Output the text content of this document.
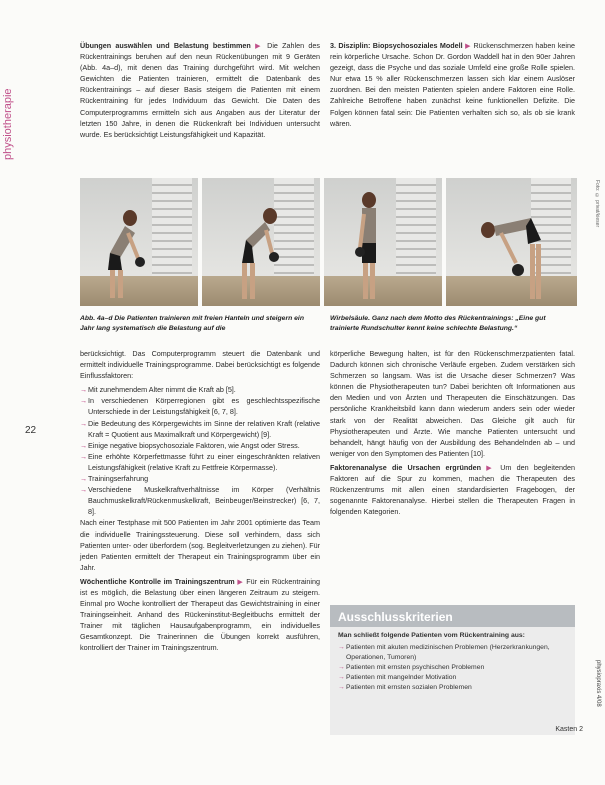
physiotherapie
22

Übungen auswählen und Belastung bestimmen ▶ Die Zahlen des Rückentrainings beruhen auf den neun Rückenübungen mit 9 Geräten (Abb. 4a–d), mit denen das Training durchgeführt wird. Mit welchen Gewichten die Patienten trainieren, ermittelt die Datenbank des Rückentrainings – auf dieser Basis steigern die Patienten mit einem Rückentraining für jedes Individuum das Gewicht. Die Daten des Computerprogramms ermitteln sich aus Angaben aus der Literatur der letzten 150 Jahre, in denen die Rückenkraft bei Individuen untersucht wurde. Es berücksichtigt Leistungsfähigkeit und Kapazität.

3. Disziplin: Biopsychosoziales Modell ▶ Rückenschmerzen haben keine rein körperliche Ursache. Schon Dr. Gordon Waddell hat in den 90er Jahren gezeigt, dass die Psyche und das soziale Umfeld eine große Rolle spielen. Nur etwa 15 % aller Rückenschmerzen lassen sich klar einem Auslöser zuordnen. Bei den meisten Patienten spielen andere Faktoren eine Rolle. Zahlreiche Betroffene haben zunächst keine funktionellen Defizite. Die Folgen können fatal sein: Die Patienten verhalten sich so, als ob sie krank wären.

Foto: © privat/kieser
Abb. 4a–d Die Patienten trainieren mit freien Hanteln und steigern ein Jahr lang systematisch die Belastung auf die
Wirbelsäule. Ganz nach dem Motto des Rückentrainings: „Eine gut trainierte Rundschulter kennt keine schlechte Belastung.“

berücksichtigt. Das Computerprogramm steuert die Datenbank und ermittelt individuelle Trainingsprogramme. Dabei berücksichtigt es folgende Einflussfaktoren:

→ Mit zunehmendem Alter nimmt die Kraft ab [5].
→ In verschiedenen Körperregionen gibt es geschlechtsspezifische Unterschiede in der Leistungsfähigkeit [6, 7, 8].
→ Die Bedeutung des Körpergewichts im Sinne der relativen Kraft (relative Kraft = Quotient aus Maximalkraft und Körpergewicht) [9].
→ Einige negative biopsychosoziale Faktoren, wie Angst oder Stress.
→ Eine erhöhte Körperfettmasse führt zu einer eingeschränkten relativen Leistungsfähigkeit (relative Kraft zu Fettfreie Körpermasse).
→ Trainingserfahrung
→ Verschiedene Muskelkraftverhältnisse im Körper (Verhältnis Bauchmuskelkraft/Rückenmuskelkraft, Beinbeuger/Beinstrecker) [6, 7, 8].

Nach einer Testphase mit 500 Patienten im Jahr 2001 optimierte das Team die individuelle Trainingssteuerung. Diese soll verhindern, dass sich Patienten unter- oder überfordern (sog. Begleitverletzungen zu ziehen). Für jeden Patienten ermittelt der Therapeut ein Trainingsprogramm über ein Jahr.

Wöchentliche Kontrolle im Trainingszentrum ▶ Für ein Rückentraining ist es möglich, die Belastung über einen längeren Zeitraum zu steigern. Einmal pro Woche kontrolliert der Therapeut das Gewichtstraining in einer Trainingseinheit. Anhand des Rückeninstitut-Begleitbuchs ermittelt der Trainer mit täglichen Hausaufgabenprogramm, ein individuelles Gesamtkonzept. Die Trainerinnen die Übungen korrekt ausführen, kontrolliert der Trainer im Trainingszentrum.

körperliche Bewegung halten, ist für den Rückenschmerzpatienten fatal. Dadurch können sich chronische Verläufe ergeben. Zudem verstärken sich Schmerzen so langsam. Was ist die Ursache dieser Schmerzen? Was können die Physiotherapeuten tun? Dabei berichten oft Informationen aus den Medien und von Ärzten und Therapeuten die Einschätzungen. Das persönliche Krankheitsbild kann dann wiederum anders sein oder wieder stark von der Realität abweichen. Das Gleiche gilt auch für Physiotherapeuten und Ärzte. Wie manche Patienten untersucht und behandelt, hängt häufig von der Ausbildung des Behandelnden ab – und weniger von den Symptomen des Patienten [10].

Faktorenanalyse die Ursachen ergründen ▶ Um den begleitenden Faktoren auf die Spur zu kommen, machen die Therapeuten des Rückenzentrums mit allen einen standardisierten Fragebogen, der sogenannte Faktorenanalyse. Hierbei stellen die Therapeuten Fragen in folgenden Kategorien.

Ausschlusskriterien
Man schließt folgende Patienten vom Rückentraining aus:
→ Patienten mit akuten medizinischen Problemen (Herzerkrankungen, Operationen, Tumoren)
→ Patienten mit ernsten psychischen Problemen
→ Patienten mit mangelnder Motivation
→ Patienten mit ernsten sozialen Problemen
Kasten 2
physiopraxis 4/08
